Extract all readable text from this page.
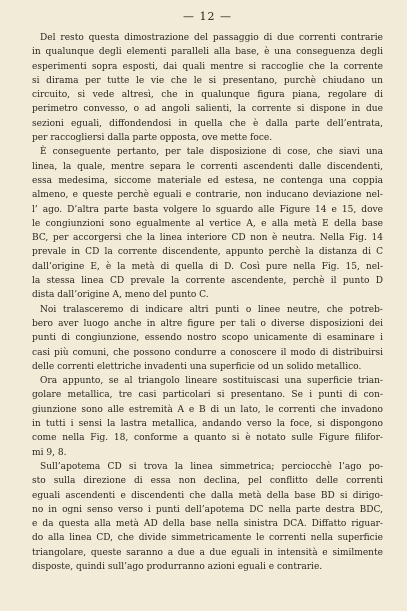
— 12 —
Del resto questa dimostrazione del passaggio di due correnti contrarie
in qualunque degli elementi paralleli alla base, è una conseguenza degli
esperimenti sopra esposti, dai quali mentre si raccoglie che la corrente
si dirama per tutte le vie che le si presentano, purchè chiudano un
circuito, si vede altresì, che in qualunque figura piana, regolare di
perimetro convesso, o ad angoli salienti, la corrente si dispone in due
sezioni eguali, diffondendosi in quella che è dalla parte dell’entrata,
per raccogliersi dalla parte opposta, ove mette foce.
È conseguente pertanto, per tale disposizione di cose, che siavi una
linea, la quale, mentre separa le correnti ascendenti dalle discendenti,
essa medesima, siccome materiale ed estesa, ne contenga una coppia
almeno, e queste perchè eguali e contrarie, non inducano deviazione nel-
l’ ago. D’altra parte basta volgere lo sguardo alle Figure 14 e 15, dove
le congiunzioni sono egualmente al vertice A, e alla metà E della base
BC, per accorgersi che la linea interiore CD non è neutra. Nella Fig. 14
prevale in CD la corrente discendente, appunto perchè la distanza di C
dall’origine E, è la metà di quella di D. Così pure nella Fig. 15, nel-
la stessa linea CD prevale la corrente ascendente, perchè il punto D
dista dall’origine A, meno del punto C.
Noi tralasceremo di indicare altri punti o linee neutre, che potreb-
bero aver luogo anche in altre figure per tali o diverse disposizioni dei
punti di congiunzione, essendo nostro scopo unicamente di esaminare i
casi più comuni, che possono condurre a conoscere il modo di distribuirsi
delle correnti elettriche invadenti una superficie od un solido metallico.
Ora appunto, se al triangolo lineare sostituiscasi una superficie trian-
golare metallica, tre casi particolari si presentano. Se i punti di con-
giunzione sono alle estremità A e B di un lato, le correnti che invadono
in tutti i sensi la lastra metallica, andando verso la foce, si dispongono
come nella Fig. 18, conforme a quanto si è notato sulle Figure filifor-
mi 9, 8.
Sull’apotema CD si trova la linea simmetrica; perciocchè l’ago po-
sto sulla direzione di essa non declina, pel conflitto delle correnti
eguali ascendenti e discendenti che dalla metà della base BD si dirigo-
no in ogni senso verso i punti dell’apotema DC nella parte destra BDC,
e da questa alla metà AD della base nella sinistra DCA. Diffatto riguar-
do alla linea CD, che divide simmetricamente le correnti nella superficie
triangolare, queste saranno a due a due eguali in intensità e similmente
disposte, quindi sull’ago produrranno azioni eguali e contrarie.
